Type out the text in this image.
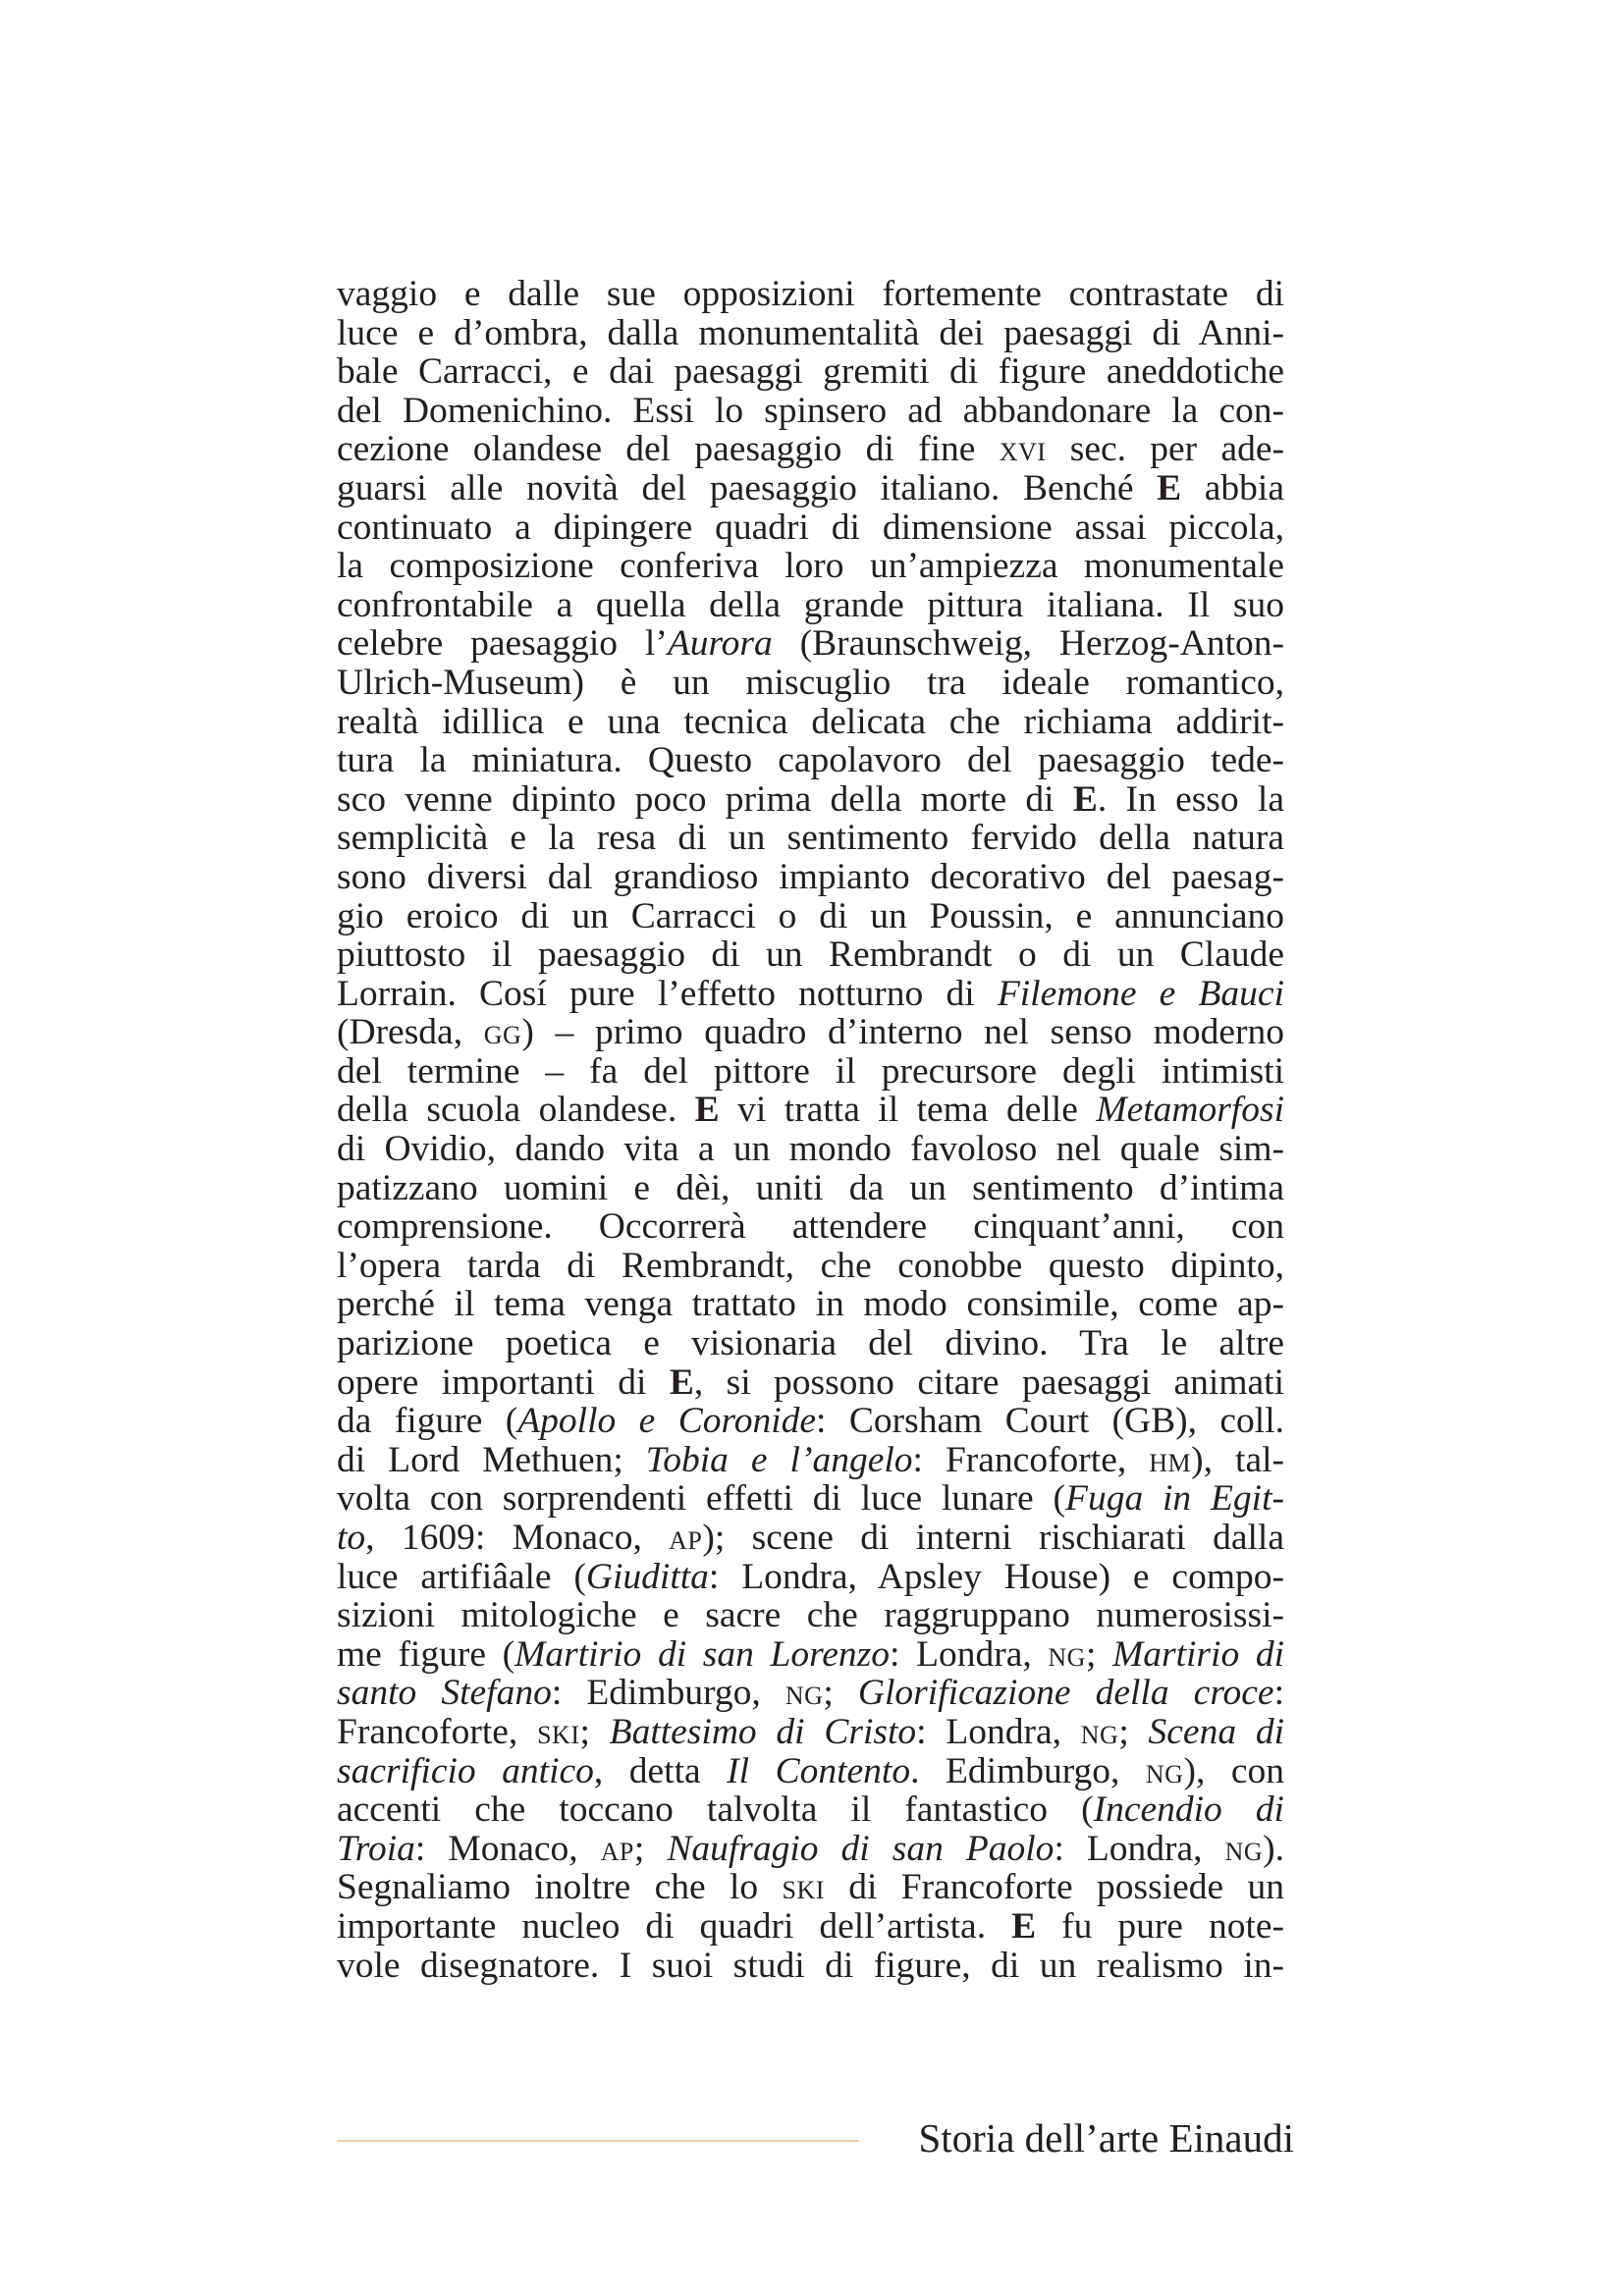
vaggio e dalle sue opposizioni fortemente contrastate di
luce e d’ombra, dalla monumentalità dei paesaggi di Anni-
bale Carracci, e dai paesaggi gremiti di figure aneddotiche
del Domenichino. Essi lo spinsero ad abbandonare la con-
cezione olandese del paesaggio di fine xvi sec. per ade-
guarsi alle novità del paesaggio italiano. Benché E abbia
continuato a dipingere quadri di dimensione assai piccola,
la composizione conferiva loro un’ampiezza monumentale
confrontabile a quella della grande pittura italiana. Il suo
celebre paesaggio l’Aurora (Braunschweig, Herzog-Anton-
Ulrich-Museum) è un miscuglio tra ideale romantico,
realtà idillica e una tecnica delicata che richiama addirit-
tura la miniatura. Questo capolavoro del paesaggio tede-
sco venne dipinto poco prima della morte di E. In esso la
semplicità e la resa di un sentimento fervido della natura
sono diversi dal grandioso impianto decorativo del paesag-
gio eroico di un Carracci o di un Poussin, e annunciano
piuttosto il paesaggio di un Rembrandt o di un Claude
Lorrain. Cosí pure l’effetto notturno di Filemone e Bauci
(Dresda, gg) – primo quadro d’interno nel senso moderno
del termine – fa del pittore il precursore degli intimisti
della scuola olandese. E vi tratta il tema delle Metamorfosi
di Ovidio, dando vita a un mondo favoloso nel quale sim-
patizzano uomini e dèi, uniti da un sentimento d’intima
comprensione. Occorrerà attendere cinquant’anni, con
l’opera tarda di Rembrandt, che conobbe questo dipinto,
perché il tema venga trattato in modo consimile, come ap-
parizione poetica e visionaria del divino. Tra le altre
opere importanti di E, si possono citare paesaggi animati
da figure (Apollo e Coronide: Corsham Court (GB), coll.
di Lord Methuen; Tobia e l’angelo: Francoforte, hm), tal-
volta con sorprendenti effetti di luce lunare (Fuga in Egit-
to, 1609: Monaco, ap); scene di interni rischiarati dalla
luce artifiâale (Giuditta: Londra, Apsley House) e compo-
sizioni mitologiche e sacre che raggruppano numerosissi-
me figure (Martirio di san Lorenzo: Londra, ng; Martirio di
santo Stefano: Edimburgo, ng; Glorificazione della croce:
Francoforte, ski; Battesimo di Cristo: Londra, ng; Scena di
sacrificio antico, detta Il Contento. Edimburgo, ng), con
accenti che toccano talvolta il fantastico (Incendio di
Troia: Monaco, ap; Naufragio di san Paolo: Londra, ng).
Segnaliamo inoltre che lo ski di Francoforte possiede un
importante nucleo di quadri dell’artista. E fu pure note-
vole disegnatore. I suoi studi di figure, di un realismo in-
Storia dell’arte Einaudi
